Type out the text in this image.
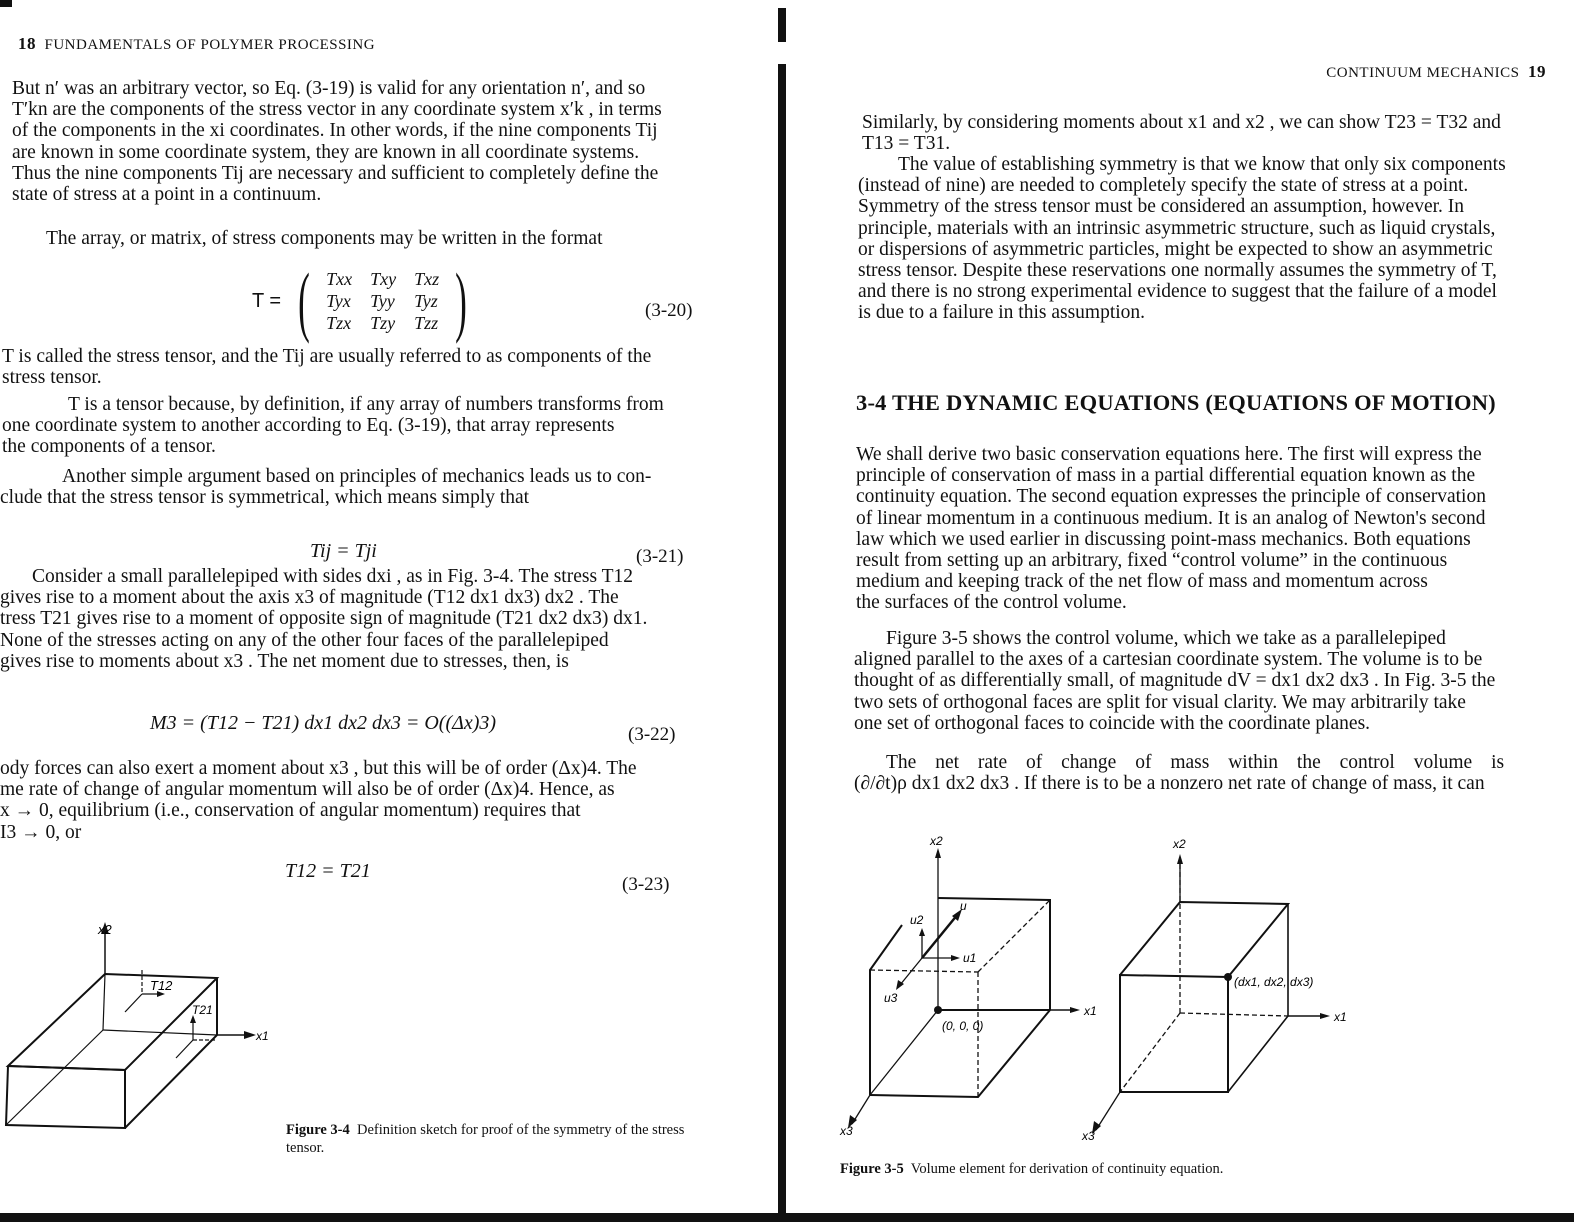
18 FUNDAMENTALS OF POLYMER PROCESSING
But n′ was an arbitrary vector, so Eq. (3-19) is valid for any orientation n′, and so
T′kn are the components of the stress vector in any coordinate system x′k , in terms
of the components in the xi coordinates. In other words, if the nine components Tij
are known in some coordinate system, they are known in all coordinate systems.
Thus the nine components Tij are necessary and sufficient to completely define the
state of stress at a point in a continuum.
The array, or matrix, of stress components may be written in the format
T = ( Txx	Txy	Txz
Tyx	Tyy	Tyz
Tzx	Tzy	Tzz )	(3-20)
T is called the stress tensor, and the Tij are usually referred to as components of the
stress tensor.
T is a tensor because, by definition, if any array of numbers transforms from
one coordinate system to another according to Eq. (3-19), that array represents
the components of a tensor.
Another simple argument based on principles of mechanics leads us to con-
clude that the stress tensor is symmetrical, which means simply that
Tij = Tji	(3-21)
Consider a small parallelepiped with sides dxi , as in Fig. 3-4. The stress T12
gives rise to a moment about the axis x3 of magnitude (T12 dx1 dx3) dx2 . The
tress T21 gives rise to a moment of opposite sign of magnitude (T21 dx2 dx3) dx1.
None of the stresses acting on any of the other four faces of the parallelepiped
gives rise to moments about x3 . The net moment due to stresses, then, is
M3 = (T12 − T21) dx1 dx2 dx3 = O((Δx)3)
(3-22)
ody forces can also exert a moment about x3 , but this will be of order (Δx)4. The
me rate of change of angular momentum will also be of order (Δx)4. Hence, as
x → 0, equilibrium (i.e., conservation of angular momentum) requires that
I3 → 0, or
T12 = T21
(3-23)
x2
x1
T12
T21
Figure 3-4 Definition sketch for proof of the symmetry of the stress tensor.
CONTINUUM MECHANICS 19
Similarly, by considering moments about x1 and x2 , we can show T23 = T32 and
T13 = T31.
The value of establishing symmetry is that we know that only six components
(instead of nine) are needed to completely specify the state of stress at a point.
Symmetry of the stress tensor must be considered an assumption, however. In
principle, materials with an intrinsic asymmetric structure, such as liquid crystals,
or dispersions of asymmetric particles, might be expected to show an asymmetric
stress tensor. Despite these reservations one normally assumes the symmetry of T,
and there is no strong experimental evidence to suggest that the failure of a model
is due to a failure in this assumption.
3-4 THE DYNAMIC EQUATIONS (EQUATIONS OF MOTION)
We shall derive two basic conservation equations here. The first will express the
principle of conservation of mass in a partial differential equation known as the
continuity equation. The second equation expresses the principle of conservation
of linear momentum in a continuous medium. It is an analog of Newton's second
law which we used earlier in discussing point-mass mechanics. Both equations
result from setting up an arbitrary, fixed “control volume” in the continuous
medium and keeping track of the net flow of mass and momentum across
the surfaces of the control volume.
Figure 3-5 shows the control volume, which we take as a parallelepiped
aligned parallel to the axes of a cartesian coordinate system. The volume is to be
thought of as differentially small, of magnitude dV = dx1 dx2 dx3 . In Fig. 3-5 the
two sets of orthogonal faces are split for visual clarity. We may arbitrarily take
one set of orthogonal faces to coincide with the coordinate planes.
The net rate of change of mass within the control volume is
(∂/∂t)ρ dx1 dx2 dx3 . If there is to be a nonzero net rate of change of mass, it can
x2
x1
x3
u
u2
u1
u3
(0, 0, 0)
x2
x1
x3
(dx1, dx2, dx3)
Figure 3-5 Volume element for derivation of continuity equation.
